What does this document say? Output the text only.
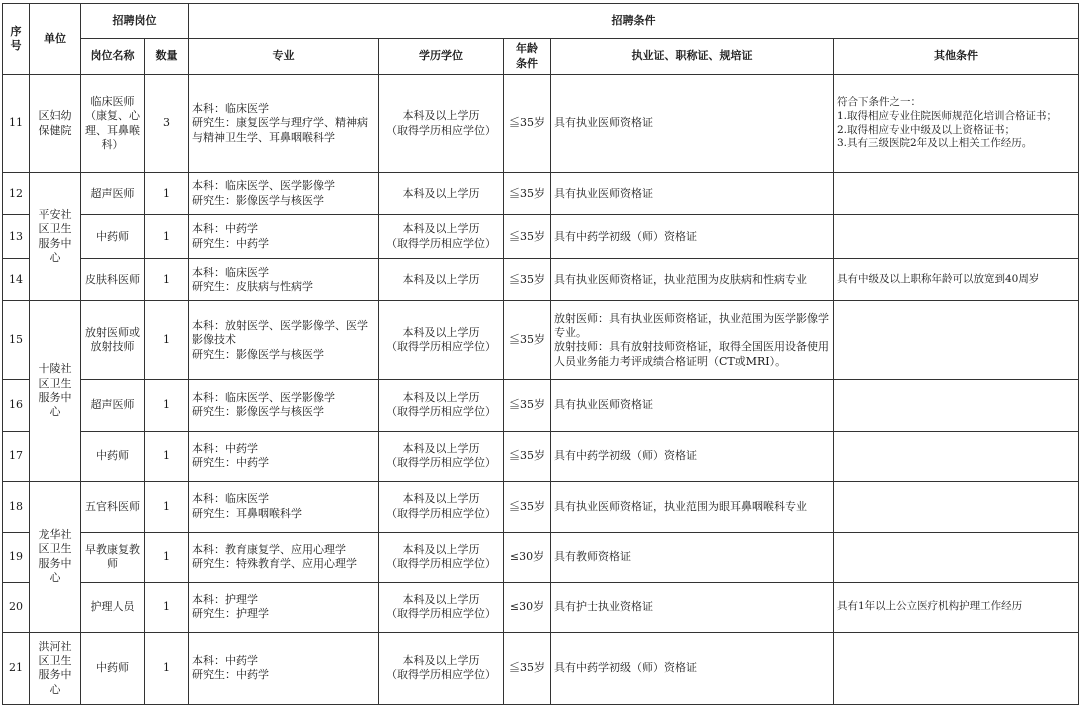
序号	单位	招聘岗位		招聘条件				
		岗位名称	数量	专业	学历学位	年龄
条件	执业证、职称证、规培证	其他条件
11	区妇幼
保健院	临床医师
（康复、心
理、耳鼻喉
科）	3	本科：临床医学
研究生：康复医学与理疗学、精神病与精神卫生学、耳鼻咽喉科学	本科及以上学历
（取得学历相应学位）	≦35岁	具有执业医师资格证	符合下条件之一：
1.取得相应专业住院医师规范化培训合格证书；
2.取得相应专业中级及以上资格证书；
3.具有三级医院2年及以上相关工作经历。

12	平安社
区卫生
服务中
心	超声医师	1	本科：临床医学、医学影像学
研究生：影像医学与核医学	本科及以上学历	≦35岁	具有执业医师资格证	

13		中药师	1	本科：中药学
研究生：中药学	本科及以上学历
（取得学历相应学位）	≦35岁	具有中药学初级（师）资格证	

14		皮肤科医师	1	本科：临床医学
研究生：皮肤病与性病学	本科及以上学历	≦35岁	具有执业医师资格证，执业范围为皮肤病和性病专业	具有中级及以上职称年龄可以放宽到40周岁

15	十陵社
区卫生
服务中
心	放射医师或
放射技师	1	本科：放射医学、医学影像学、医学影像技术
研究生：影像医学与核医学	本科及以上学历
（取得学历相应学位）	≦35岁	放射医师：具有执业医师资格证，执业范围为医学影像学专业。
放射技师：具有放射技师资格证，取得全国医用设备使用人员业务能力考评成绩合格证明（CT或MRI）。	

16		超声医师	1	本科：临床医学、医学影像学
研究生：影像医学与核医学	本科及以上学历
（取得学历相应学位）	≦35岁	具有执业医师资格证	

17		中药师	1	本科：中药学
研究生：中药学	本科及以上学历
（取得学历相应学位）	≦35岁	具有中药学初级（师）资格证	

18	龙华社
区卫生
服务中
心	五官科医师	1	本科：临床医学
研究生：耳鼻咽喉科学	本科及以上学历
（取得学历相应学位）	≦35岁	具有执业医师资格证，执业范围为眼耳鼻咽喉科专业	

19		早教康复教
师	1	本科：教育康复学、应用心理学
研究生：特殊教育学、应用心理学	本科及以上学历
（取得学历相应学位）	≤30岁	具有教师资格证	

20		护理人员	1	本科：护理学
研究生：护理学	本科及以上学历
（取得学历相应学位）	≤30岁	具有护士执业资格证	具有1年以上公立医疗机构护理工作经历

21	洪河社
区卫生
服务中
心	中药师	1	本科：中药学
研究生：中药学	本科及以上学历
（取得学历相应学位）	≦35岁	具有中药学初级（师）资格证	
